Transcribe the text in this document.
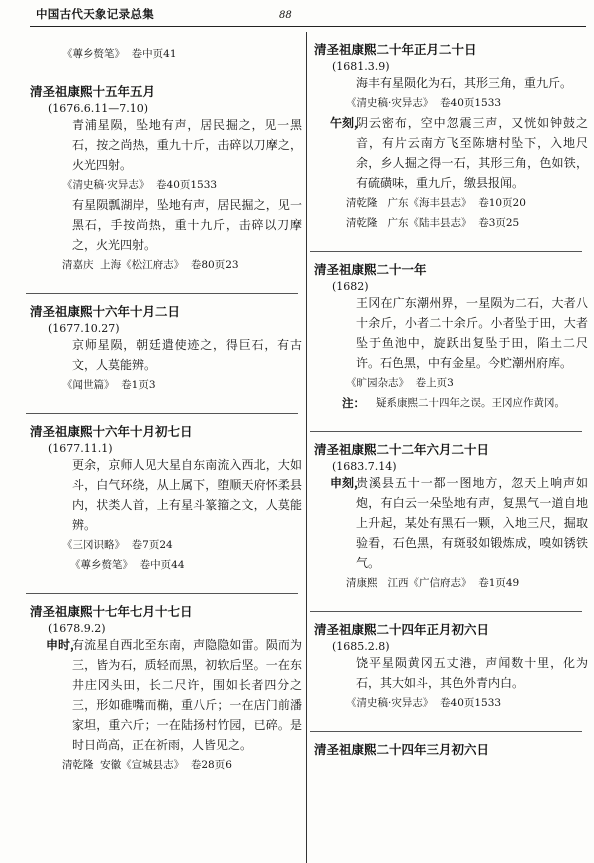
中国古代天象记录总集	88

《蓴乡赘笔》  卷中页41

清圣祖康熙十五年五月

(1676.6.11—7.10)

青浦星陨，坠地有声，居民掘之，见一黑石，按之尚热，重九十斤，击碎以刀摩之，火光四射。

《清史稿·灾异志》  卷40页1533

有星陨瓢湖岸，坠地有声，居民掘之，见一黑石，手按尚热，重十九斤，击碎以刀摩之，火光四射。

清嘉庆  上海《松江府志》  卷80页23

清圣祖康熙十六年十月二日

(1677.10.27)

京师星陨，朝廷遣使迹之，得巨石，有古文，人莫能辨。

《闻世篇》  卷1页3

清圣祖康熙十六年十月初七日

(1677.11.1)

更余，京师人见大星自东南流入西北，大如斗，白气环绕，从上属下，堕顺天府怀柔县内，状类人首，上有星斗篆籀之文，人莫能辨。

《三冈识略》  卷7页24

《蓴乡赘笔》  卷中页44

清圣祖康熙十七年七月十七日

(1678.9.2)

申时，
有流星自西北至东南，声隐隐如雷。陨而为三，皆为石，质轻而黑，初软后坚。一在东井庄冈头田，长二尺许，围如长者四分之三，形如碓嘴而椭，重八斤；一在店门前潘家坦，重六斤；一在陆扬村竹园，已碎。是时日尚高，正在祈雨，人皆见之。

清乾隆  安徽《宣城县志》  卷28页6

清圣祖康熙二十年正月二十日

(1681.3.9)

海丰有星陨化为石，其形三角，重九斤。

《清史稿·灾异志》  卷40页1533

午刻，
阴云密布，空中忽震三声，又恍如钟鼓之音，有片云南方飞至陈塘村坠下，入地尺余，乡人掘之得一石，其形三角，色如铁，有硫磺味，重九斤，缴县报闻。

清乾隆   广东《海丰县志》  卷10页20

清乾隆   广东《陆丰县志》  卷3页25

清圣祖康熙二十一年

(1682)

王冈在广东潮州界，一星陨为二石，大者八十余斤，小者二十余斤。小者坠于田，大者坠于鱼池中，旋跃出复坠于田，陷土二尺许。石色黑，中有金星。今贮潮州府库。

《旷园杂志》  卷上页3

注： 疑系康熙二十四年之误。王冈应作黄冈。

清圣祖康熙二十二年六月二十日

(1683.7.14)

申刻，
贵溪县五十一都一图地方，忽天上响声如炮，有白云一朵坠地有声，复黑气一道自地上升起，某处有黑石一颗，入地三尺，掘取验看，石色黑，有斑驳如锻炼成，嗅如锈铁气。

清康熙   江西《广信府志》  卷1页49

清圣祖康熙二十四年正月初六日

(1685.2.8)

饶平星陨黄冈五丈港，声闻数十里，化为石，其大如斗，其色外青内白。

《清史稿·灾异志》  卷40页1533

清圣祖康熙二十四年三月初六日
